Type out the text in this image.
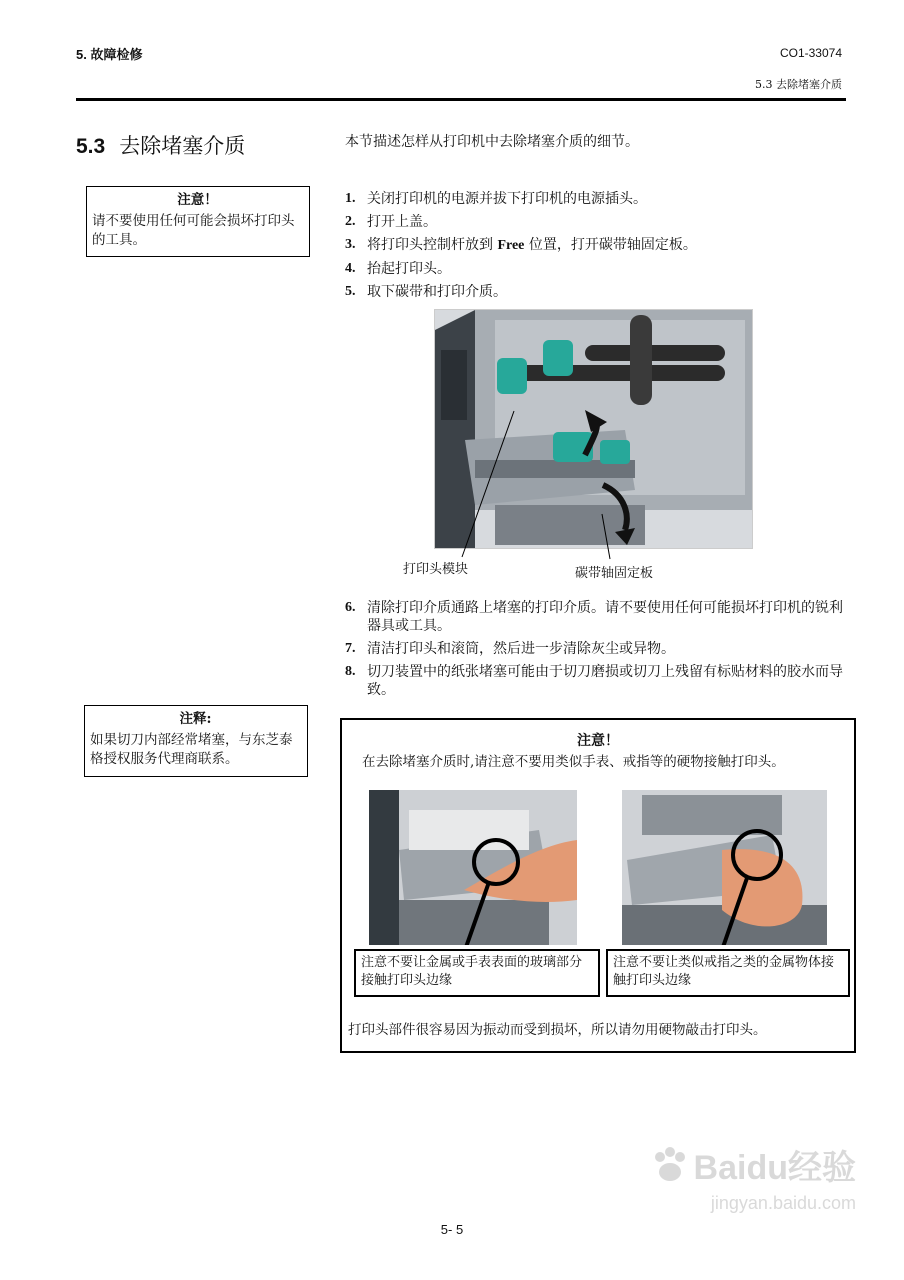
5. 故障检修	CO1-33074
5.3 去除堵塞介质
5.3 去除堵塞介质	本节描述怎样从打印机中去除堵塞介质的细节。
注意！
请不要使用任何可能会损坏打印头的工具。
1. 关闭打印机的电源并拔下打印机的电源插头。
2. 打开上盖。
3. 将打印头控制杆放到 Free 位置，打开碳带轴固定板。
4. 抬起打印头。
5. 取下碳带和打印介质。
打印头模块	碳带轴固定板
6. 清除打印介质通路上堵塞的打印介质。请不要使用任何可能损坏打印机的锐利器具或工具。
7. 清洁打印头和滚筒，然后进一步清除灰尘或异物。
8. 切刀装置中的纸张堵塞可能由于切刀磨损或切刀上残留有标贴材料的胶水而导致。
注释:
如果切刀内部经常堵塞，与东芝泰格授权服务代理商联系。
注意！
在去除堵塞介质时,请注意不要用类似手表、戒指等的硬物接触打印头。
注意不要让金属或手表表面的玻璃部分接触打印头边缘
注意不要让类似戒指之类的金属物体接触打印头边缘
打印头部件很容易因为振动而受到损坏，所以请勿用硬物敲击打印头。
Baidu经验
jingyan.baidu.com
5- 5
